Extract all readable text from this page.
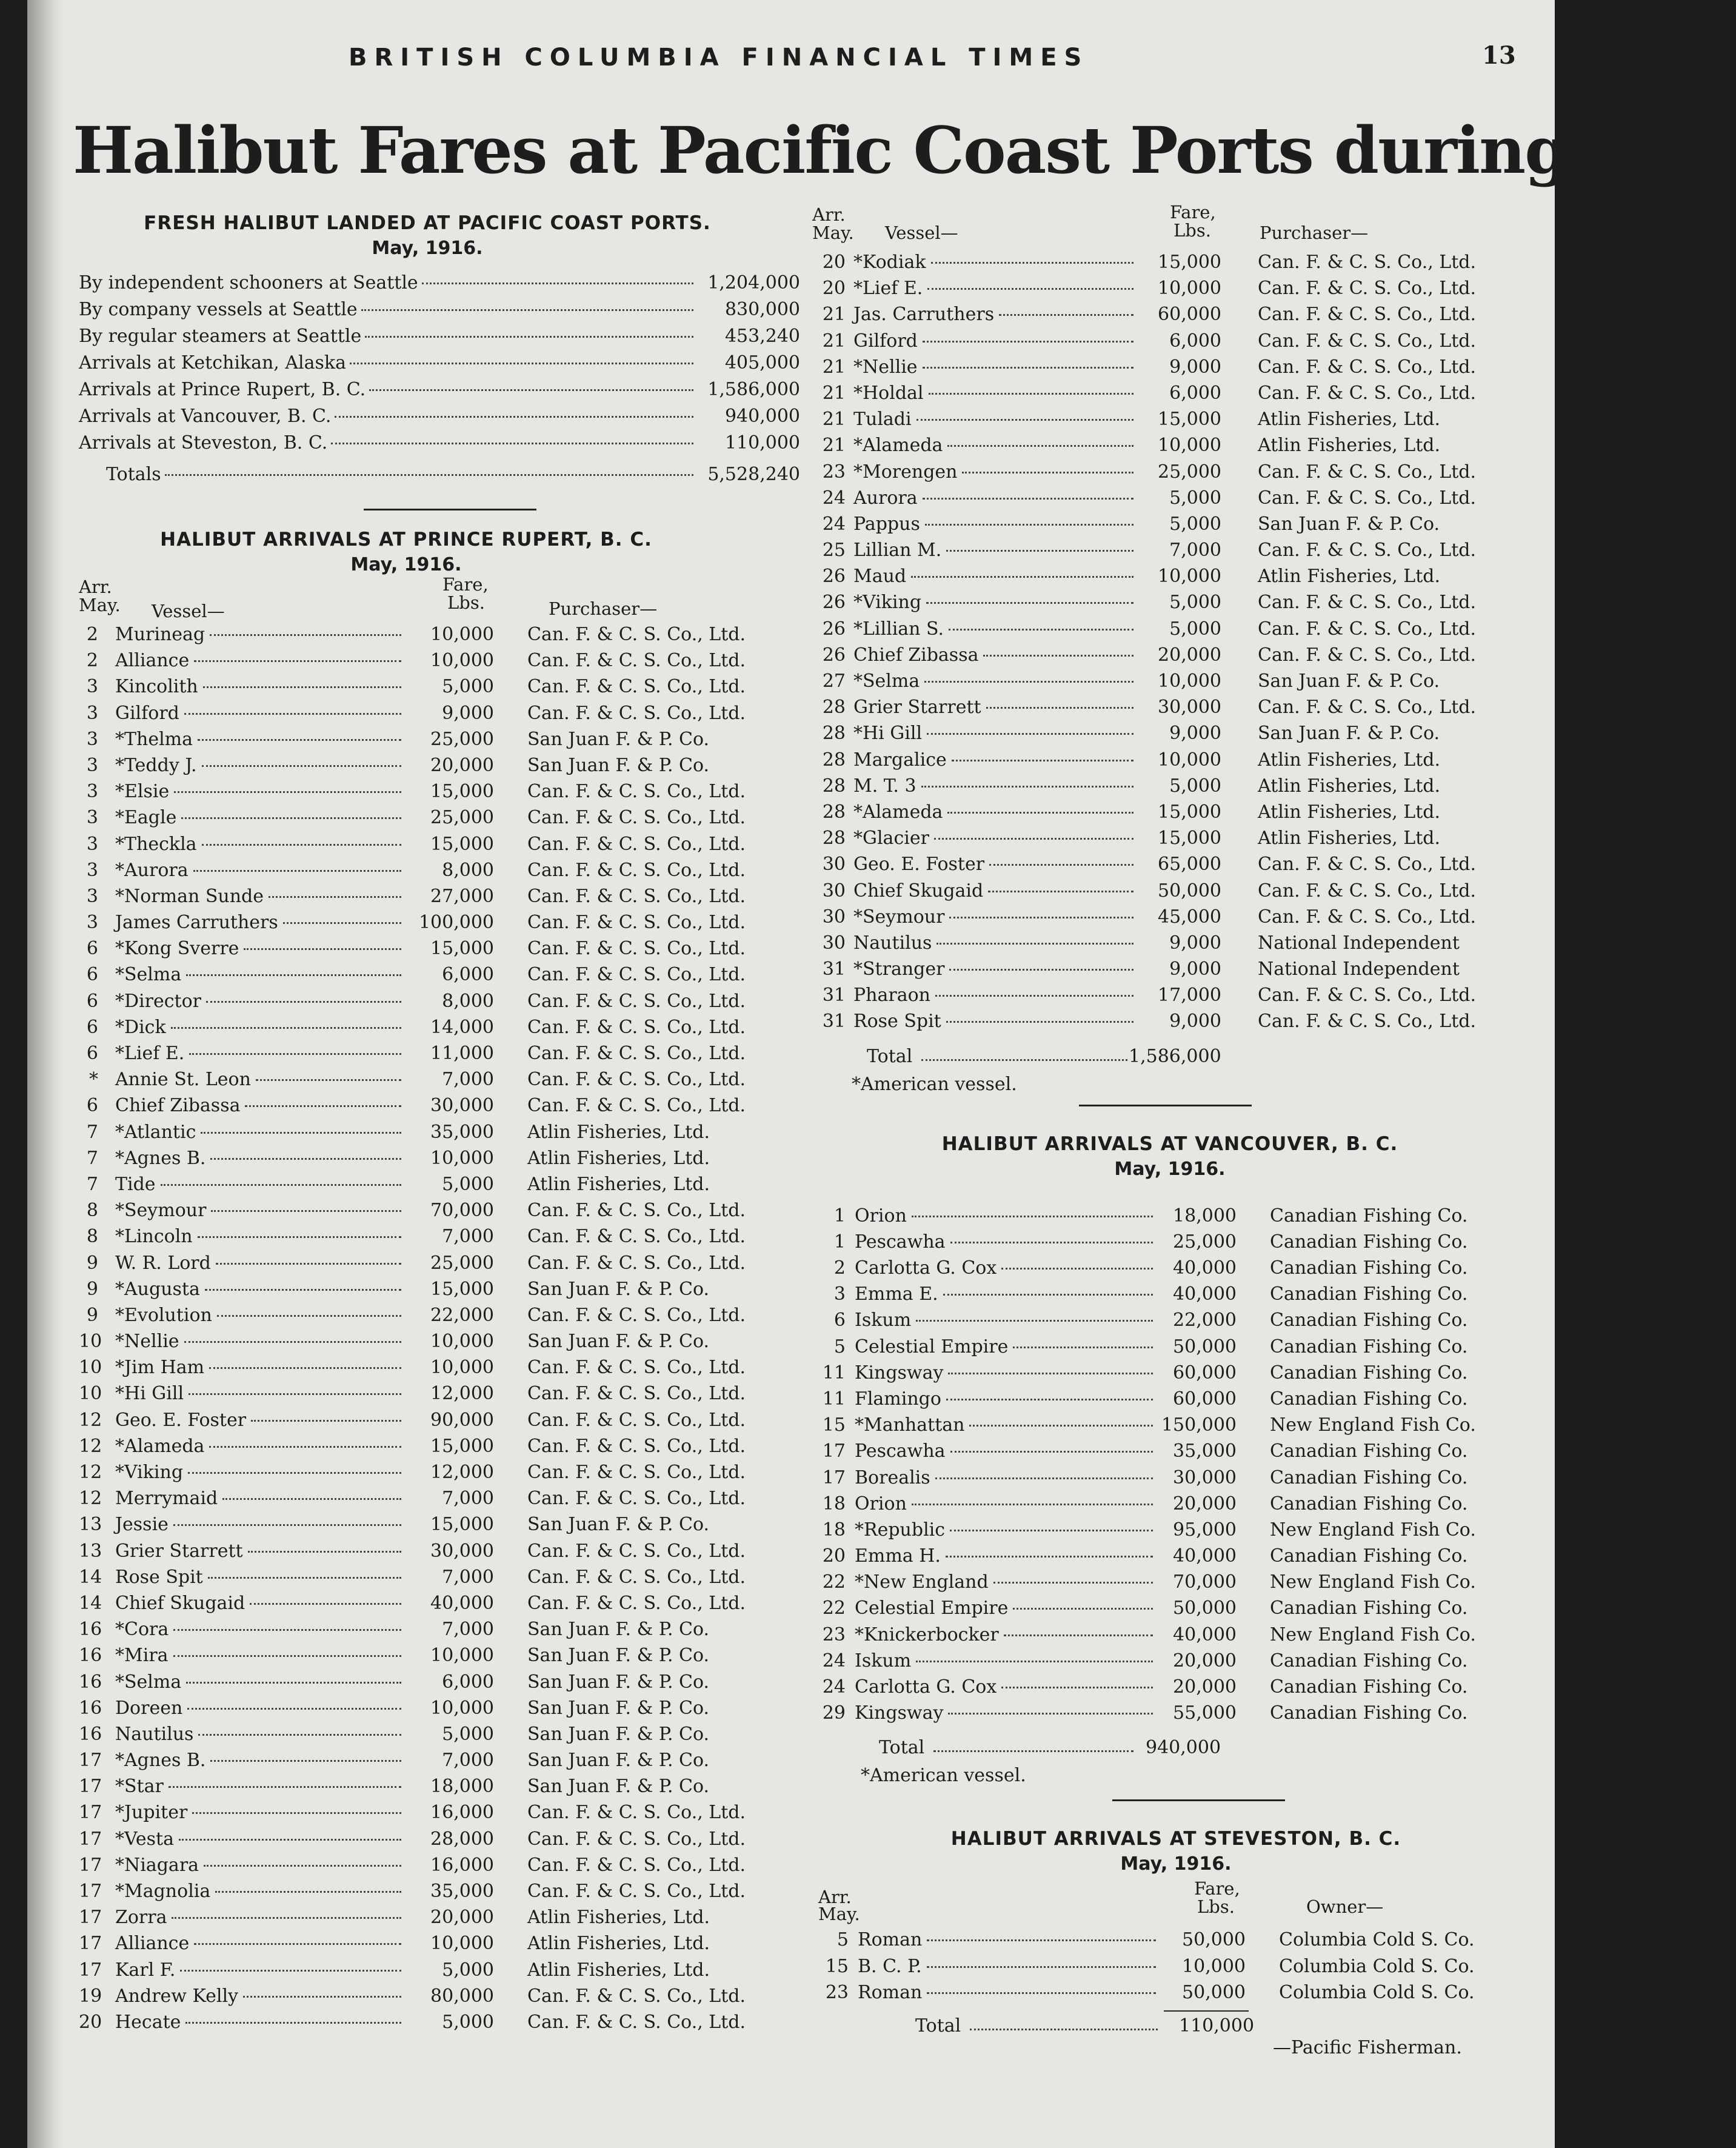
BRITISH COLUMBIA FINANCIAL TIMES	13
Halibut Fares at Pacific Coast Ports during May

FRESH HALIBUT LANDED AT PACIFIC COAST PORTS.

May, 1916.

By independent schooners at Seattle	1,204,000
By company vessels at Seattle	830,000
By regular steamers at Seattle	453,240
Arrivals at Ketchikan, Alaska	405,000
Arrivals at Prince Rupert, B. C.	1,586,000
Arrivals at Vancouver, B. C.	940,000
Arrivals at Steveston, B. C.	110,000
Totals	5,528,240

HALIBUT ARRIVALS AT PRINCE RUPERT, B. C.

May, 1916.

Arr.
May. Vessel—
Fare,
Lbs.	Purchaser—
2 Murineag	10,000 Can. F. & C. S. Co., Ltd.
2 Alliance	10,000 Can. F. & C. S. Co., Ltd.
3 Kincolith	5,000 Can. F. & C. S. Co., Ltd.
3 Gilford	9,000 Can. F. & C. S. Co., Ltd.
3 *Thelma	25,000 San Juan F. & P. Co.
3 *Teddy J.	20,000 San Juan F. & P. Co.
3 *Elsie	15,000 Can. F. & C. S. Co., Ltd.
3 *Eagle	25,000 Can. F. & C. S. Co., Ltd.
3 *Theckla	15,000 Can. F. & C. S. Co., Ltd.
3 *Aurora	8,000 Can. F. & C. S. Co., Ltd.
3 *Norman Sunde	27,000 Can. F. & C. S. Co., Ltd.
3 James Carruthers	100,000 Can. F. & C. S. Co., Ltd.
6 *Kong Sverre	15,000 Can. F. & C. S. Co., Ltd.
6 *Selma	6,000 Can. F. & C. S. Co., Ltd.
6 *Director	8,000 Can. F. & C. S. Co., Ltd.
6 *Dick	14,000 Can. F. & C. S. Co., Ltd.
6 *Lief E.	11,000 Can. F. & C. S. Co., Ltd.
* Annie St. Leon	7,000 Can. F. & C. S. Co., Ltd.
6 Chief Zibassa	30,000 Can. F. & C. S. Co., Ltd.
7 *Atlantic	35,000 Atlin Fisheries, Ltd.
7 *Agnes B.	10,000 Atlin Fisheries, Ltd.
7 Tide	5,000 Atlin Fisheries, Ltd.
8 *Seymour	70,000 Can. F. & C. S. Co., Ltd.
8 *Lincoln	7,000 Can. F. & C. S. Co., Ltd.
9 W. R. Lord	25,000 Can. F. & C. S. Co., Ltd.
9 *Augusta	15,000 San Juan F. & P. Co.
9 *Evolution	22,000 Can. F. & C. S. Co., Ltd.
10 *Nellie	10,000 San Juan F. & P. Co.
10 *Jim Ham	10,000 Can. F. & C. S. Co., Ltd.
10 *Hi Gill	12,000 Can. F. & C. S. Co., Ltd.
12 Geo. E. Foster	90,000 Can. F. & C. S. Co., Ltd.
12 *Alameda	15,000 Can. F. & C. S. Co., Ltd.
12 *Viking	12,000 Can. F. & C. S. Co., Ltd.
12 Merrymaid	7,000 Can. F. & C. S. Co., Ltd.
13 Jessie	15,000 San Juan F. & P. Co.
13 Grier Starrett	30,000 Can. F. & C. S. Co., Ltd.
14 Rose Spit	7,000 Can. F. & C. S. Co., Ltd.
14 Chief Skugaid	40,000 Can. F. & C. S. Co., Ltd.
16 *Cora	7,000 San Juan F. & P. Co.
16 *Mira	10,000 San Juan F. & P. Co.
16 *Selma	6,000 San Juan F. & P. Co.
16 Doreen	10,000 San Juan F. & P. Co.
16 Nautilus	5,000 San Juan F. & P. Co.
17 *Agnes B.	7,000 San Juan F. & P. Co.
17 *Star	18,000 San Juan F. & P. Co.
17 *Jupiter	16,000 Can. F. & C. S. Co., Ltd.
17 *Vesta	28,000 Can. F. & C. S. Co., Ltd.
17 *Niagara	16,000 Can. F. & C. S. Co., Ltd.
17 *Magnolia	35,000 Can. F. & C. S. Co., Ltd.
17 Zorra	20,000 Atlin Fisheries, Ltd.
17 Alliance	10,000 Atlin Fisheries, Ltd.
17 Karl F.	5,000 Atlin Fisheries, Ltd.
19 Andrew Kelly	80,000 Can. F. & C. S. Co., Ltd.
20 Hecate	5,000 Can. F. & C. S. Co., Ltd.
Arr.
May. Vessel—
Fare,
Lbs.	Purchaser—
20 *Kodiak	15,000 Can. F. & C. S. Co., Ltd.
20 *Lief E.	10,000 Can. F. & C. S. Co., Ltd.
21 Jas. Carruthers	60,000 Can. F. & C. S. Co., Ltd.
21 Gilford	6,000 Can. F. & C. S. Co., Ltd.
21 *Nellie	9,000 Can. F. & C. S. Co., Ltd.
21 *Holdal	6,000 Can. F. & C. S. Co., Ltd.
21 Tuladi	15,000 Atlin Fisheries, Ltd.
21 *Alameda	10,000 Atlin Fisheries, Ltd.
23 *Morengen	25,000 Can. F. & C. S. Co., Ltd.
24 Aurora	5,000 Can. F. & C. S. Co., Ltd.
24 Pappus	5,000 San Juan F. & P. Co.
25 Lillian M.	7,000 Can. F. & C. S. Co., Ltd.
26 Maud	10,000 Atlin Fisheries, Ltd.
26 *Viking	5,000 Can. F. & C. S. Co., Ltd.
26 *Lillian S.	5,000 Can. F. & C. S. Co., Ltd.
26 Chief Zibassa	20,000 Can. F. & C. S. Co., Ltd.
27 *Selma	10,000 San Juan F. & P. Co.
28 Grier Starrett	30,000 Can. F. & C. S. Co., Ltd.
28 *Hi Gill	9,000 San Juan F. & P. Co.
28 Margalice	10,000 Atlin Fisheries, Ltd.
28 M. T. 3	5,000 Atlin Fisheries, Ltd.
28 *Alameda	15,000 Atlin Fisheries, Ltd.
28 *Glacier	15,000 Atlin Fisheries, Ltd.
30 Geo. E. Foster	65,000 Can. F. & C. S. Co., Ltd.
30 Chief Skugaid	50,000 Can. F. & C. S. Co., Ltd.
30 *Seymour	45,000 Can. F. & C. S. Co., Ltd.
30 Nautilus	9,000 National Independent
31 *Stranger	9,000 National Independent
31 Pharaon	17,000 Can. F. & C. S. Co., Ltd.
31 Rose Spit	9,000 Can. F. & C. S. Co., Ltd.
Total	1,586,000
*American vessel.

HALIBUT ARRIVALS AT VANCOUVER, B. C.

May, 1916.

1 Orion	18,000 Canadian Fishing Co.
1 Pescawha	25,000 Canadian Fishing Co.
2 Carlotta G. Cox	40,000 Canadian Fishing Co.
3 Emma E.	40,000 Canadian Fishing Co.
6 Iskum	22,000 Canadian Fishing Co.
5 Celestial Empire	50,000 Canadian Fishing Co.
11 Kingsway	60,000 Canadian Fishing Co.
11 Flamingo	60,000 Canadian Fishing Co.
15 *Manhattan	150,000 New England Fish Co.
17 Pescawha	35,000 Canadian Fishing Co.
17 Borealis	30,000 Canadian Fishing Co.
18 Orion	20,000 Canadian Fishing Co.
18 *Republic	95,000 New England Fish Co.
20 Emma H.	40,000 Canadian Fishing Co.
22 *New England	70,000 New England Fish Co.
22 Celestial Empire	50,000 Canadian Fishing Co.
23 *Knickerbocker	40,000 New England Fish Co.
24 Iskum	20,000 Canadian Fishing Co.
24 Carlotta G. Cox	20,000 Canadian Fishing Co.
29 Kingsway	55,000 Canadian Fishing Co.
Total	940,000
*American vessel.

HALIBUT ARRIVALS AT STEVESTON, B. C.

May, 1916.

Arr.
May.
Fare,
Lbs.	Owner—
5 Roman	50,000 Columbia Cold S. Co.
15 B. C. P.	10,000 Columbia Cold S. Co.
23 Roman	50,000 Columbia Cold S. Co.
Total	110,000
—Pacific Fisherman.
